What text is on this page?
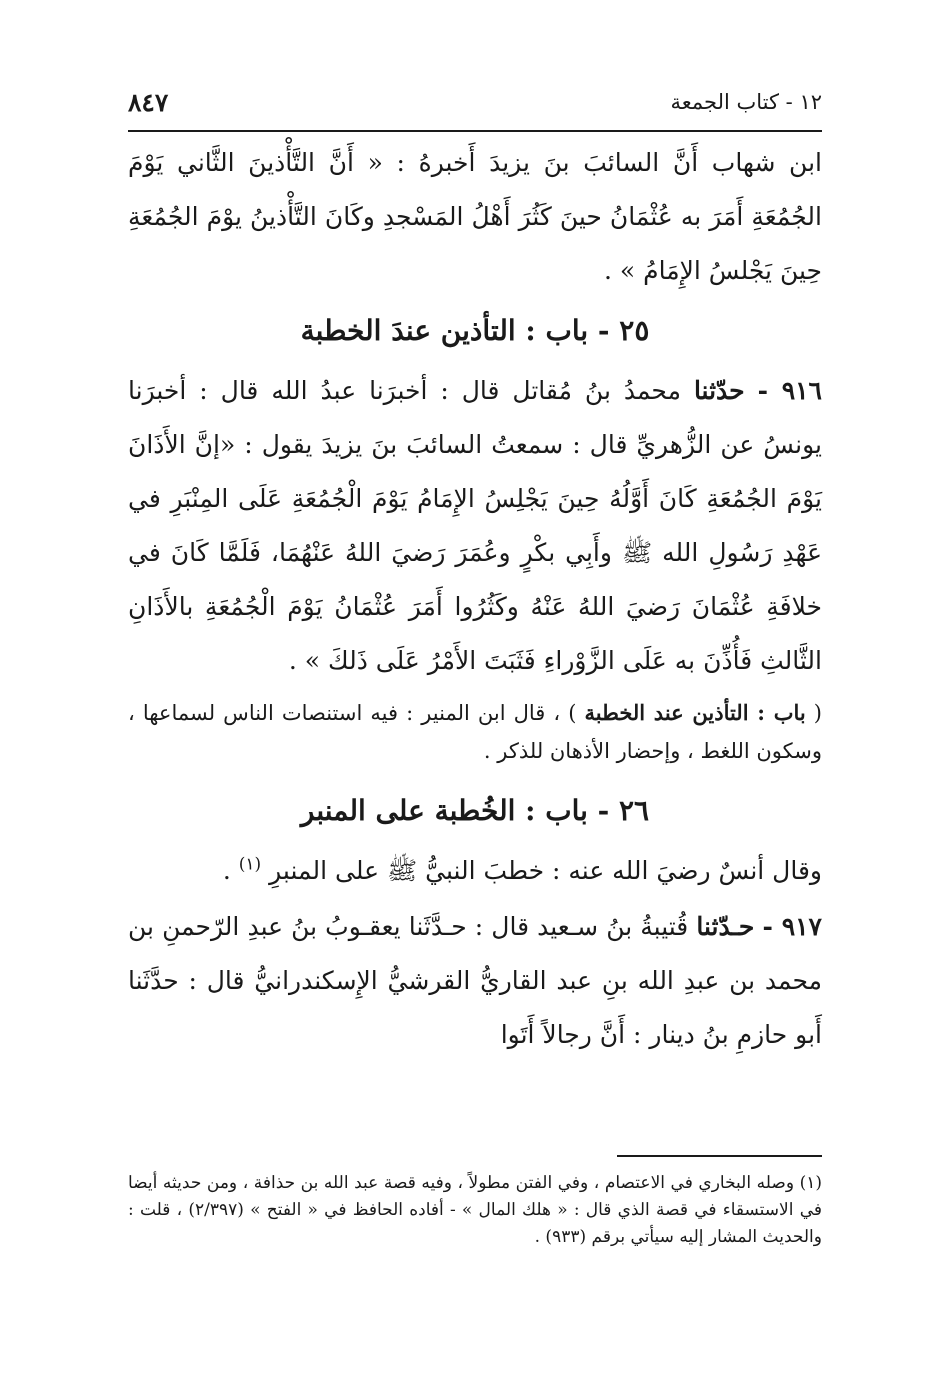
١٢ - كتاب الجمعة
٨٤٧

ابن شهاب أَنَّ السائبَ بنَ يزيدَ أَخبرهُ : « أَنَّ التَّأْذينَ الثَّاني يَوْمَ الجُمُعَةِ أَمَرَ به عُثْمَانُ حينَ كَثُرَ أَهْلُ المَسْجدِ وكَانَ التَّأْذينُ يوْمَ الجُمُعَةِ حِينَ يَجْلسُ الإِمَامُ » .

٢٥ - باب : التأذين عندَ الخطبة

٩١٦ - حدّثنا محمدُ بنُ مُقاتل قال : أخبرَنا عبدُ الله قال : أخبرَنا يونسُ عن الزُّهريِّ قال : سمعتُ السائبَ بنَ يزيدَ يقول : «إنَّ الأَذَانَ يَوْمَ الجُمُعَةِ كَانَ أَوَّلُهُ حِينَ يَجْلِسُ الإِمَامُ يَوْمَ الْجُمُعَةِ عَلَى المِنْبَرِ في عَهْدِ رَسُولِ الله ﷺ وأَبِي بكْرٍ وعُمَرَ رَضيَ اللهُ عَنْهُمَا، فَلَمَّا كَانَ في خلافَةِ عُثْمَانَ رَضيَ اللهُ عَنْهُ وكَثُرُوا أَمَرَ عُثْمَانُ يَوْمَ الْجُمُعَةِ بالأَذَانِ الثَّالثِ فَأُذِّنَ به عَلَى الزَّوْراءِ فَثَبَتَ الأَمْرُ عَلَى ذَلكَ » .

( باب : التأذين عند الخطبة ) ، قال ابن المنير : فيه استنصات الناس لسماعها ، وسكون اللغط ، وإحضار الأذهان للذكر .

٢٦ - باب : الخُطبة على المنبر

وقال أنسٌ رضيَ الله عنه : خطبَ النبيُّ ﷺ على المنبرِ $^{(١)}$ .

٩١٧ - حـدّثنا قُتيبةُ بنُ سـعيد قال : حـدَّثَنا يعقـوبُ بنُ عبدِ الرّحمنِ بن محمد بن عبدِ الله بنِ عبد القاريُّ القرشيُّ الإِسكندرانيُّ قال : حدَّثَنا أَبو حازمِ بنُ دينار : أَنَّ رجالاً أَتَوا

(١) وصله البخاري في الاعتصام ، وفي الفتن مطولاً ، وفيه قصة عبد الله بن حذافة ، ومن حديثه أيضا في الاستسقاء في قصة الذي قال : « هلك المال » - أفاده الحافظ في « الفتح » (٢/٣٩٧) ، قلت : والحديث المشار إليه سيأتي برقم (٩٣٣) .
